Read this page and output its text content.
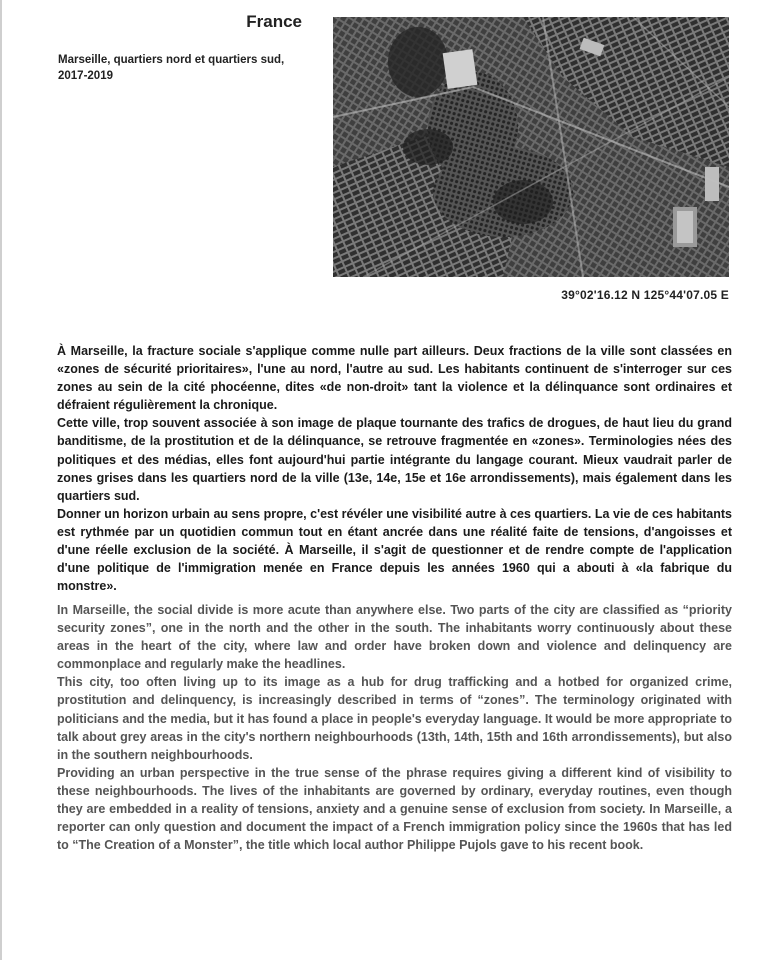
France
Marseille, quartiers nord et quartiers sud, 2017-2019
39°02'16.12 N 125°44'07.05 E

À Marseille, la fracture sociale s'applique comme nulle part ailleurs. Deux fractions de la ville sont classées en «zones de sécurité prioritaires», l'une au nord, l'autre au sud. Les habitants continuent de s'interroger sur ces zones au sein de la cité phocéenne, dites «de non-droit» tant la violence et la délinquance sont ordinaires et défraient régulièrement la chronique.

Cette ville, trop souvent associée à son image de plaque tournante des trafics de drogues, de haut lieu du grand banditisme, de la prostitution et de la délinquance, se retrouve fragmentée en «zones». Terminologies nées des politiques et des médias, elles font aujourd'hui partie intégrante du langage courant. Mieux vaudrait parler de zones grises dans les quartiers nord de la ville (13e, 14e, 15e et 16e arrondissements), mais également dans les quartiers sud.

Donner un horizon urbain au sens propre, c'est révéler une visibilité autre à ces quartiers. La vie de ces habitants est rythmée par un quotidien commun tout en étant ancrée dans une réalité faite de tensions, d'angoisses et d'une réelle exclusion de la société. À Marseille, il s'agit de questionner et de rendre compte de l'application d'une politique de l'immigration menée en France depuis les années 1960 qui a abouti à «la fabrique du monstre».

In Marseille, the social divide is more acute than anywhere else. Two parts of the city are classified as “priority security zones”, one in the north and the other in the south. The inhabitants worry continuously about these areas in the heart of the city, where law and order have broken down and violence and delinquency are commonplace and regularly make the headlines.

This city, too often living up to its image as a hub for drug trafficking and a hotbed for organized crime, prostitution and delinquency, is increasingly described in terms of “zones”. The terminology originated with politicians and the media, but it has found a place in people's everyday language. It would be more appropriate to talk about grey areas in the city's northern neighbourhoods (13th, 14th, 15th and 16th arrondissements), but also in the southern neighbourhoods.

Providing an urban perspective in the true sense of the phrase requires giving a different kind of visibility to these neighbourhoods. The lives of the inhabitants are governed by ordinary, everyday routines, even though they are embedded in a reality of tensions, anxiety and a genuine sense of exclusion from society. In Marseille, a reporter can only question and document the impact of a French immigration policy since the 1960s that has led to “The Creation of a Monster”, the title which local author Philippe Pujols gave to his recent book.
